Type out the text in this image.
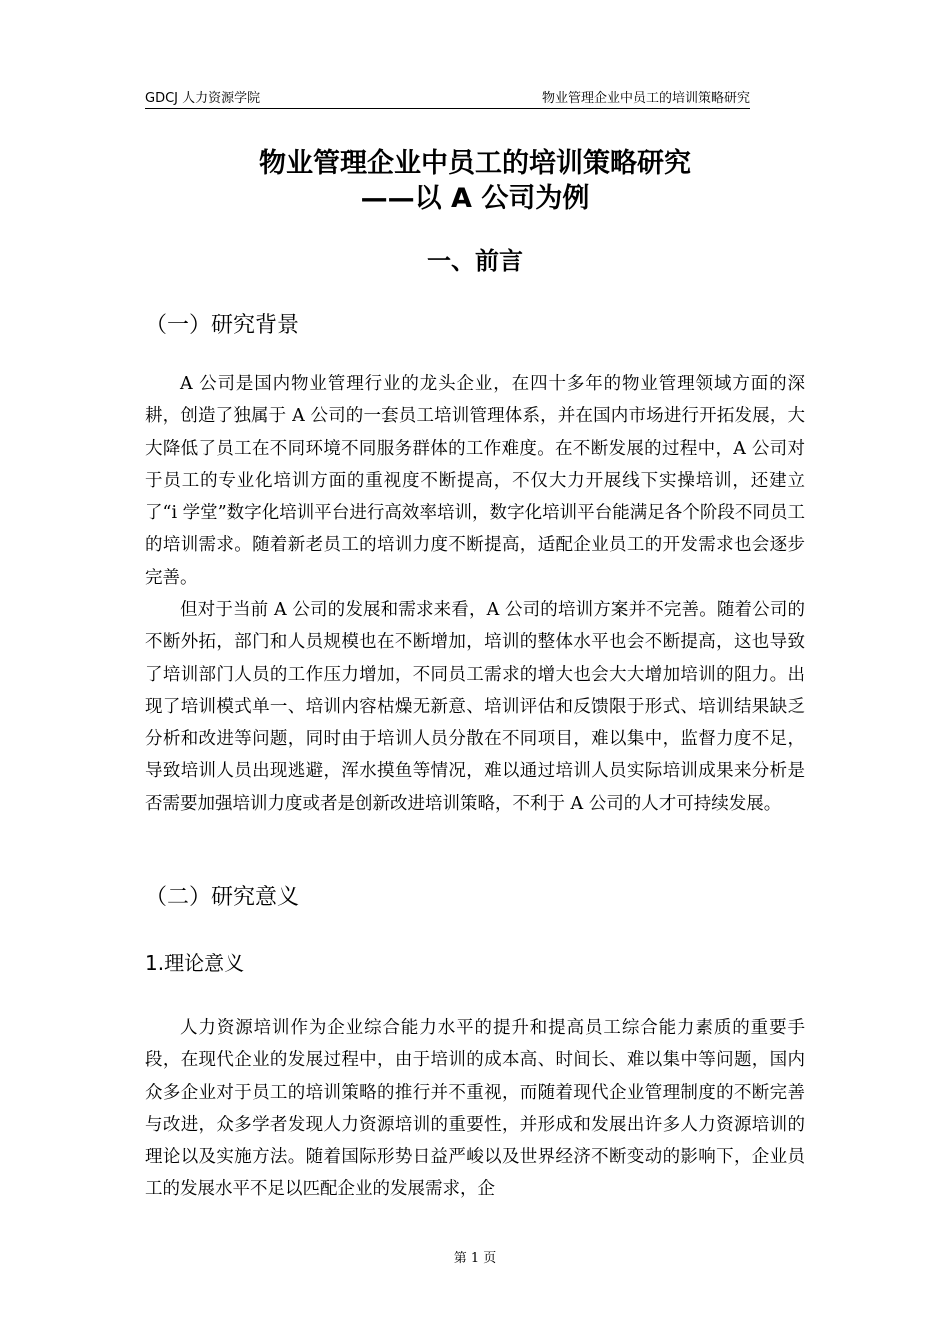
GDCJ 人力资源学院	物业管理企业中员工的培训策略研究
物业管理企业中员工的培训策略研究
——以 A 公司为例
一、前言
（一）研究背景
A 公司是国内物业管理行业的龙头企业，在四十多年的物业管理领域方面的深耕，创造了独属于 A 公司的一套员工培训管理体系，并在国内市场进行开拓发展，大大降低了员工在不同环境不同服务群体的工作难度。在不断发展的过程中，A 公司对于员工的专业化培训方面的重视度不断提高，不仅大力开展线下实操培训，还建立了“i 学堂”数字化培训平台进行高效率培训，数字化培训平台能满足各个阶段不同员工的培训需求。随着新老员工的培训力度不断提高，适配企业员工的开发需求也会逐步完善。
但对于当前 A 公司的发展和需求来看，A 公司的培训方案并不完善。随着公司的不断外拓，部门和人员规模也在不断增加，培训的整体水平也会不断提高，这也导致了培训部门人员的工作压力增加，不同员工需求的增大也会大大增加培训的阻力。出现了培训模式单一、培训内容枯燥无新意、培训评估和反馈限于形式、培训结果缺乏分析和改进等问题，同时由于培训人员分散在不同项目，难以集中，监督力度不足，导致培训人员出现逃避，浑水摸鱼等情况，难以通过培训人员实际培训成果来分析是否需要加强培训力度或者是创新改进培训策略，不利于 A 公司的人才可持续发展。
（二）研究意义
1.理论意义
人力资源培训作为企业综合能力水平的提升和提高员工综合能力素质的重要手段，在现代企业的发展过程中，由于培训的成本高、时间长、难以集中等问题，国内众多企业对于员工的培训策略的推行并不重视，而随着现代企业管理制度的不断完善与改进，众多学者发现人力资源培训的重要性，并形成和发展出许多人力资源培训的理论以及实施方法。随着国际形势日益严峻以及世界经济不断变动的影响下，企业员工的发展水平不足以匹配企业的发展需求，企
第 1 页
